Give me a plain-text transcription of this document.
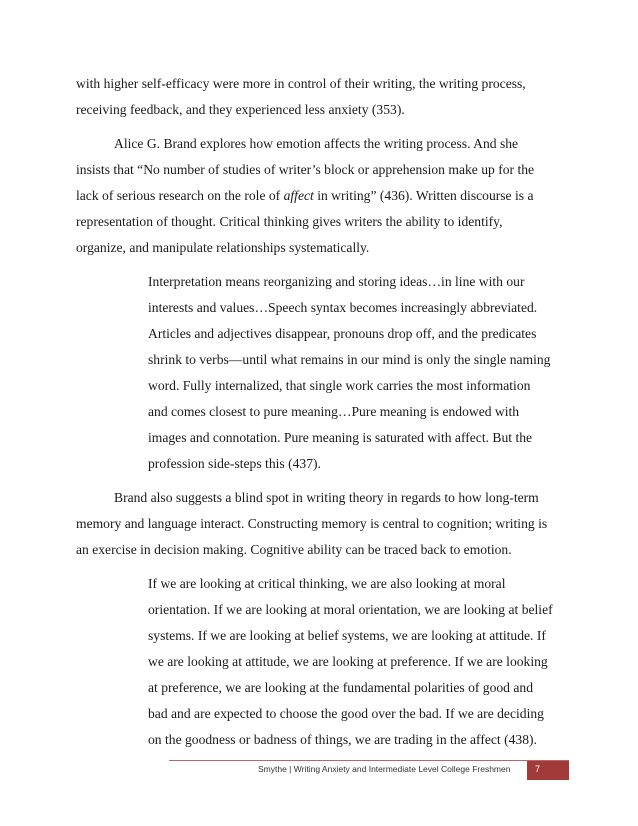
with higher self-efficacy were more in control of their writing, the writing process,
receiving feedback, and they experienced less anxiety (353).
Alice G. Brand explores how emotion affects the writing process. And she
insists that “No number of studies of writer’s block or apprehension make up for the
lack of serious research on the role of affect in writing” (436). Written discourse is a
representation of thought. Critical thinking gives writers the ability to identify,
organize, and manipulate relationships systematically.
Interpretation means reorganizing and storing ideas…in line with our
interests and values…Speech syntax becomes increasingly abbreviated.
Articles and adjectives disappear, pronouns drop off, and the predicates
shrink to verbs—until what remains in our mind is only the single naming
word. Fully internalized, that single work carries the most information
and comes closest to pure meaning…Pure meaning is endowed with
images and connotation. Pure meaning is saturated with affect. But the
profession side-steps this (437).
Brand also suggests a blind spot in writing theory in regards to how long-term
memory and language interact. Constructing memory is central to cognition; writing is
an exercise in decision making. Cognitive ability can be traced back to emotion.
If we are looking at critical thinking, we are also looking at moral
orientation. If we are looking at moral orientation, we are looking at belief
systems. If we are looking at belief systems, we are looking at attitude. If
we are looking at attitude, we are looking at preference. If we are looking
at preference, we are looking at the fundamental polarities of good and
bad and are expected to choose the good over the bad. If we are deciding
on the goodness or badness of things, we are trading in the affect (438).
Smythe | Writing Anxiety and Intermediate Level College Freshmen	7
